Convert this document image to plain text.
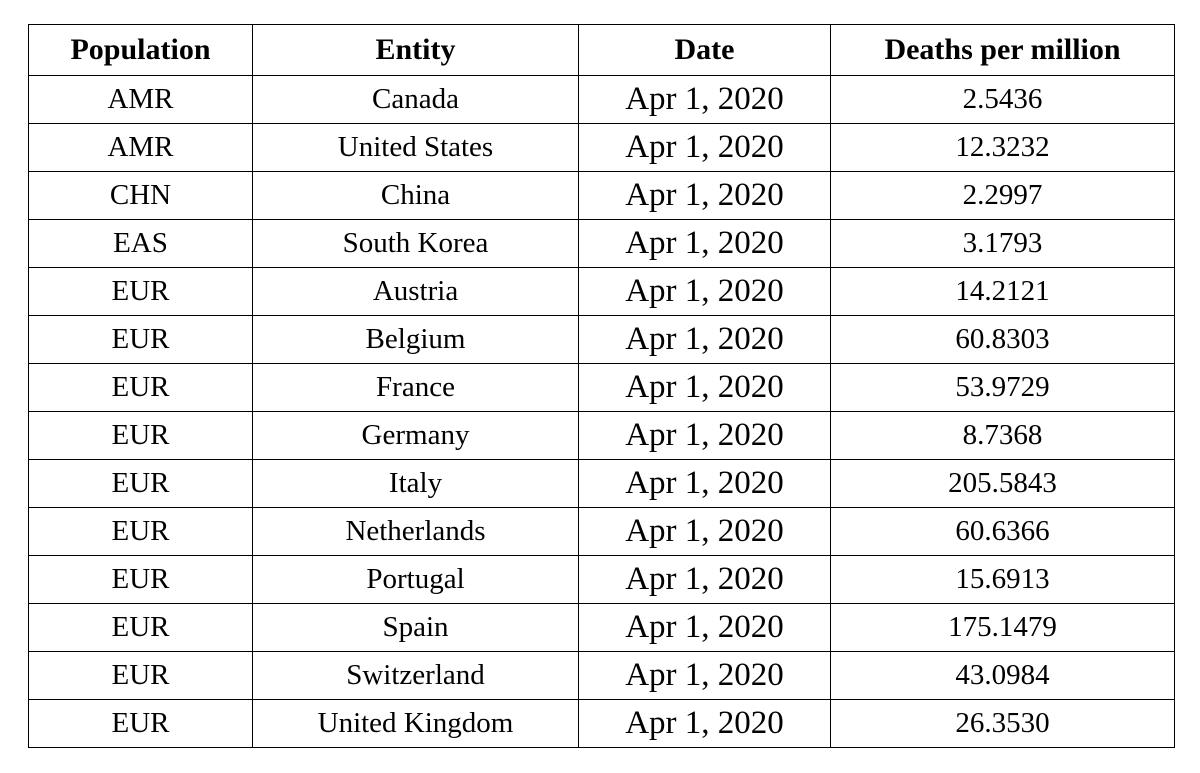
Population	Entity	Date	Deaths per million
AMR	Canada	Apr 1, 2020	2.5436
AMR	United States	Apr 1, 2020	12.3232
CHN	China	Apr 1, 2020	2.2997
EAS	South Korea	Apr 1, 2020	3.1793
EUR	Austria	Apr 1, 2020	14.2121
EUR	Belgium	Apr 1, 2020	60.8303
EUR	France	Apr 1, 2020	53.9729
EUR	Germany	Apr 1, 2020	8.7368
EUR	Italy	Apr 1, 2020	205.5843
EUR	Netherlands	Apr 1, 2020	60.6366
EUR	Portugal	Apr 1, 2020	15.6913
EUR	Spain	Apr 1, 2020	175.1479
EUR	Switzerland	Apr 1, 2020	43.0984
EUR	United Kingdom	Apr 1, 2020	26.3530
